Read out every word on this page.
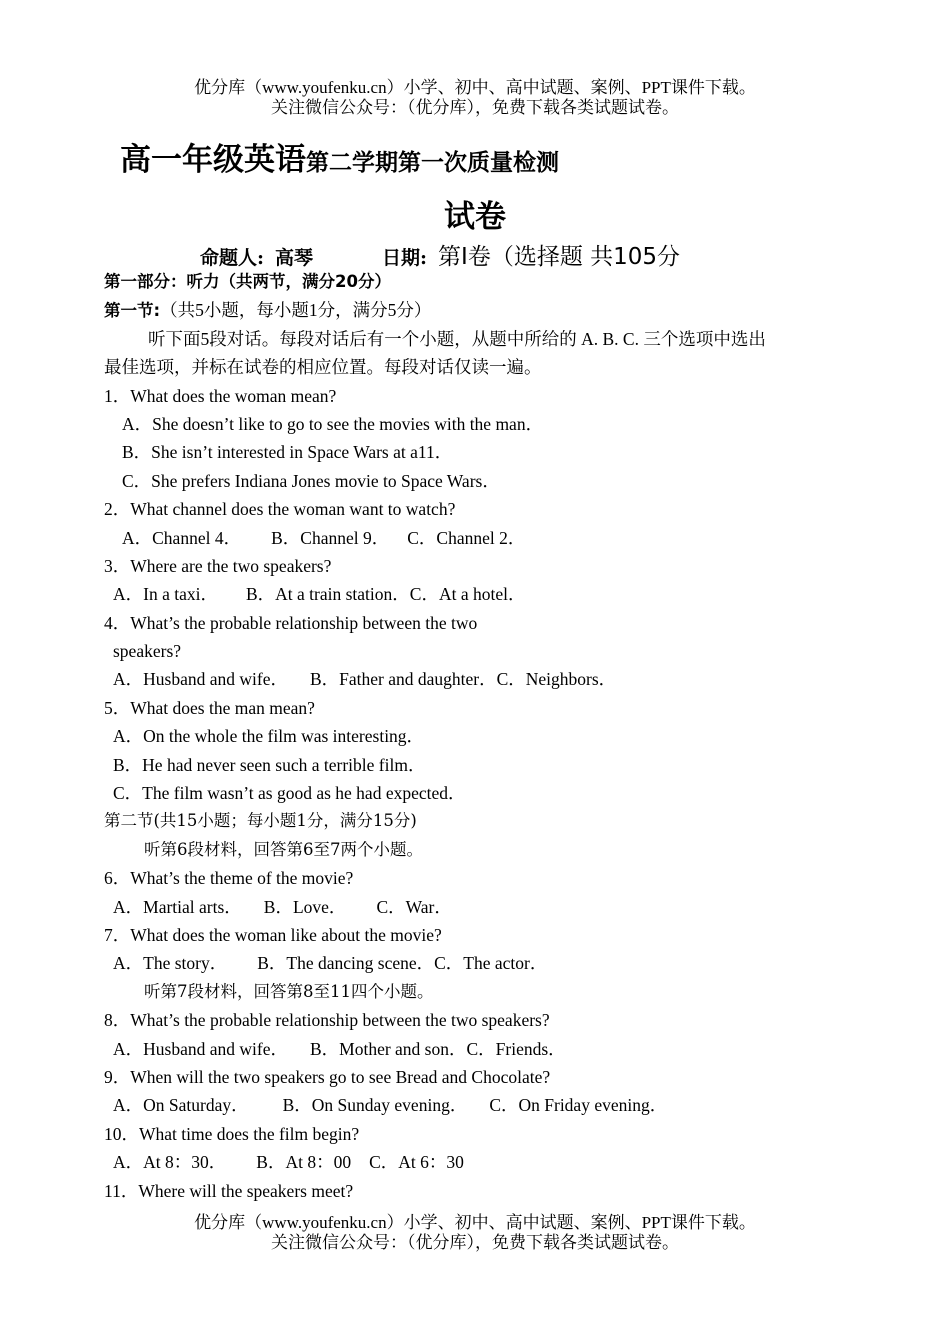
优分库（www.youfenku.cn）小学、初中、高中试题、案例、PPT课件下载。
关注微信公众号：（优分库），免费下载各类试题试卷。
高一年级英语第二学期第一次质量检测
试卷
命题人: 高琴	日期: 第Ⅰ卷（选择题 共105分
第一部分：听力（共两节，满分20分）
第一节:（共5小题，每小题1分，满分5分）
听下面5段对话。每段对话后有一个小题，从题中所给的 A. B. C. 三个选项中选出
最佳选项，并标在试卷的相应位置。每段对话仅读一遍。
1．What does the woman mean?
A．She doesn’t like to go to see the movies with the man．
B．She isn’t interested in Space Wars at a11．
C．She prefers Indiana Jones movie to Space Wars．
2．What channel does the woman want to watch?
A．Channel 4． B．Channel 9． C．Channel 2．
3．Where are the two speakers?
A．In a taxi． B．At a train station．C．At a hotel．
4．What’s the probable relationship between the two
speakers?
A．Husband and wife． B．Father and daughter．C．Neighbors．
5．What does the man mean?
A．On the whole the film was interesting．
B．He had never seen such a terrible film．
C．The film wasn’t as good as he had expected．
第二节(共15小题；每小题1分，满分15分)
听第6段材料，回答第6至7两个小题。
6．What’s the theme of the movie?
A．Martial arts． B．Love． C．War．
7．What does the woman like about the movie?
A．The story． B．The dancing scene．C．The actor．
听第7段材料，回答第8至11四个小题。
8．What’s the probable relationship between the two speakers?
A．Husband and wife． B．Mother and son．C．Friends．
9．When will the two speakers go to see Bread and Chocolate?
A．On Saturday． B．On Sunday evening． C．On Friday evening．
10．What time does the film begin?
A．At 8：30． B．At 8：00 C．At 6：30
11．Where will the speakers meet?
优分库（www.youfenku.cn）小学、初中、高中试题、案例、PPT课件下载。
关注微信公众号：（优分库），免费下载各类试题试卷。
